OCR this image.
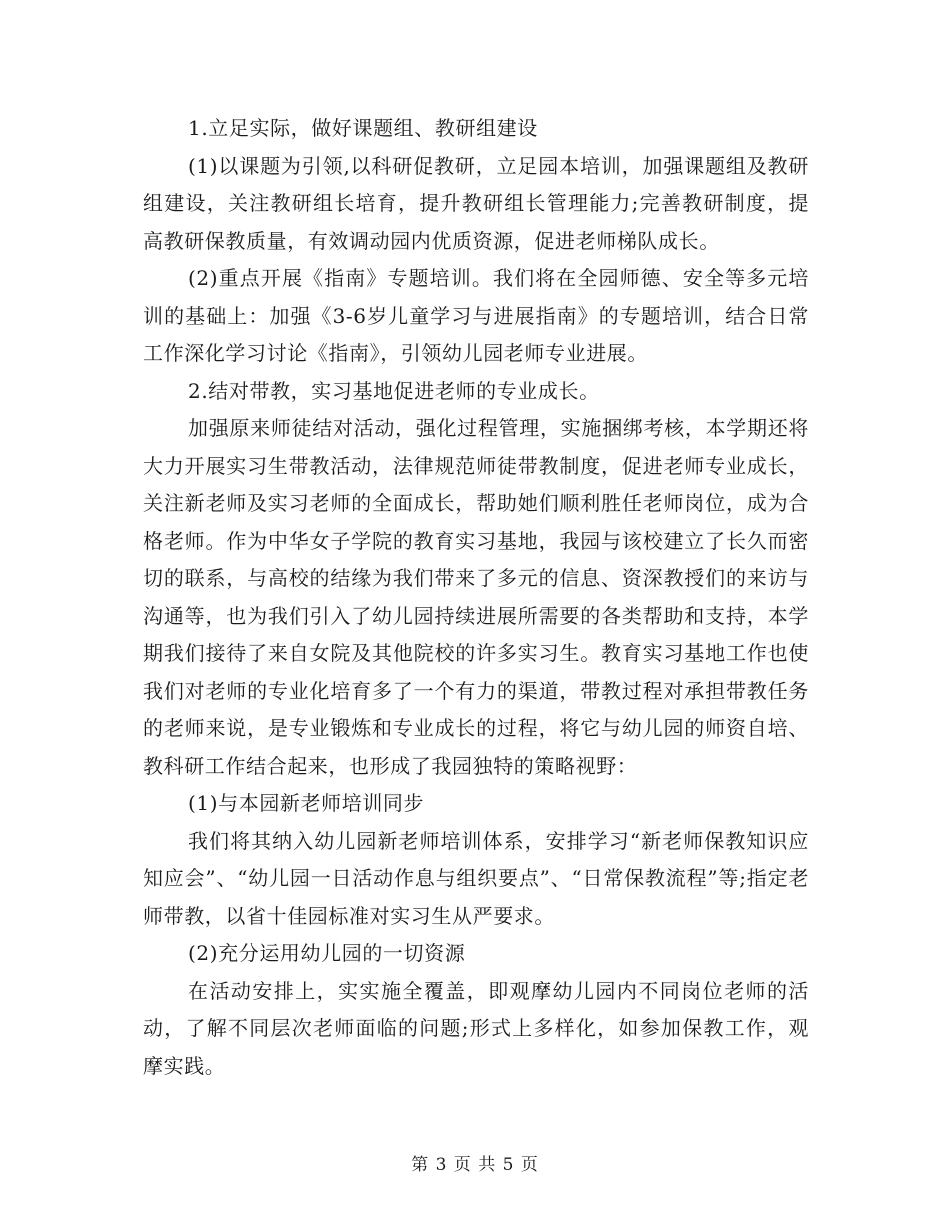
1.立足实际，做好课题组、教研组建设

(1)以课题为引领,以科研促教研，立足园本培训，加强课题组及教研组建设，关注教研组长培育，提升教研组长管理能力;完善教研制度，提高教研保教质量，有效调动园内优质资源，促进老师梯队成长。

(2)重点开展《指南》专题培训。我们将在全园师德、安全等多元培训的基础上：加强《3-6岁儿童学习与进展指南》的专题培训，结合日常工作深化学习讨论《指南》，引领幼儿园老师专业进展。

2.结对带教，实习基地促进老师的专业成长。

加强原来师徒结对活动，强化过程管理，实施捆绑考核，本学期还将大力开展实习生带教活动，法律规范师徒带教制度，促进老师专业成长，关注新老师及实习老师的全面成长，帮助她们顺利胜任老师岗位，成为合格老师。作为中华女子学院的教育实习基地，我园与该校建立了长久而密切的联系，与高校的结缘为我们带来了多元的信息、资深教授们的来访与沟通等，也为我们引入了幼儿园持续进展所需要的各类帮助和支持，本学期我们接待了来自女院及其他院校的许多实习生。教育实习基地工作也使我们对老师的专业化培育多了一个有力的渠道，带教过程对承担带教任务的老师来说，是专业锻炼和专业成长的过程，将它与幼儿园的师资自培、教科研工作结合起来，也形成了我园独特的策略视野：

(1)与本园新老师培训同步

我们将其纳入幼儿园新老师培训体系，安排学习“新老师保教知识应知应会”、“幼儿园一日活动作息与组织要点”、“日常保教流程”等;指定老师带教，以省十佳园标准对实习生从严要求。

(2)充分运用幼儿园的一切资源

在活动安排上，实实施全覆盖，即观摩幼儿园内不同岗位老师的活动，了解不同层次老师面临的问题;形式上多样化，如参加保教工作，观摩实践。

第 3 页 共 5 页
